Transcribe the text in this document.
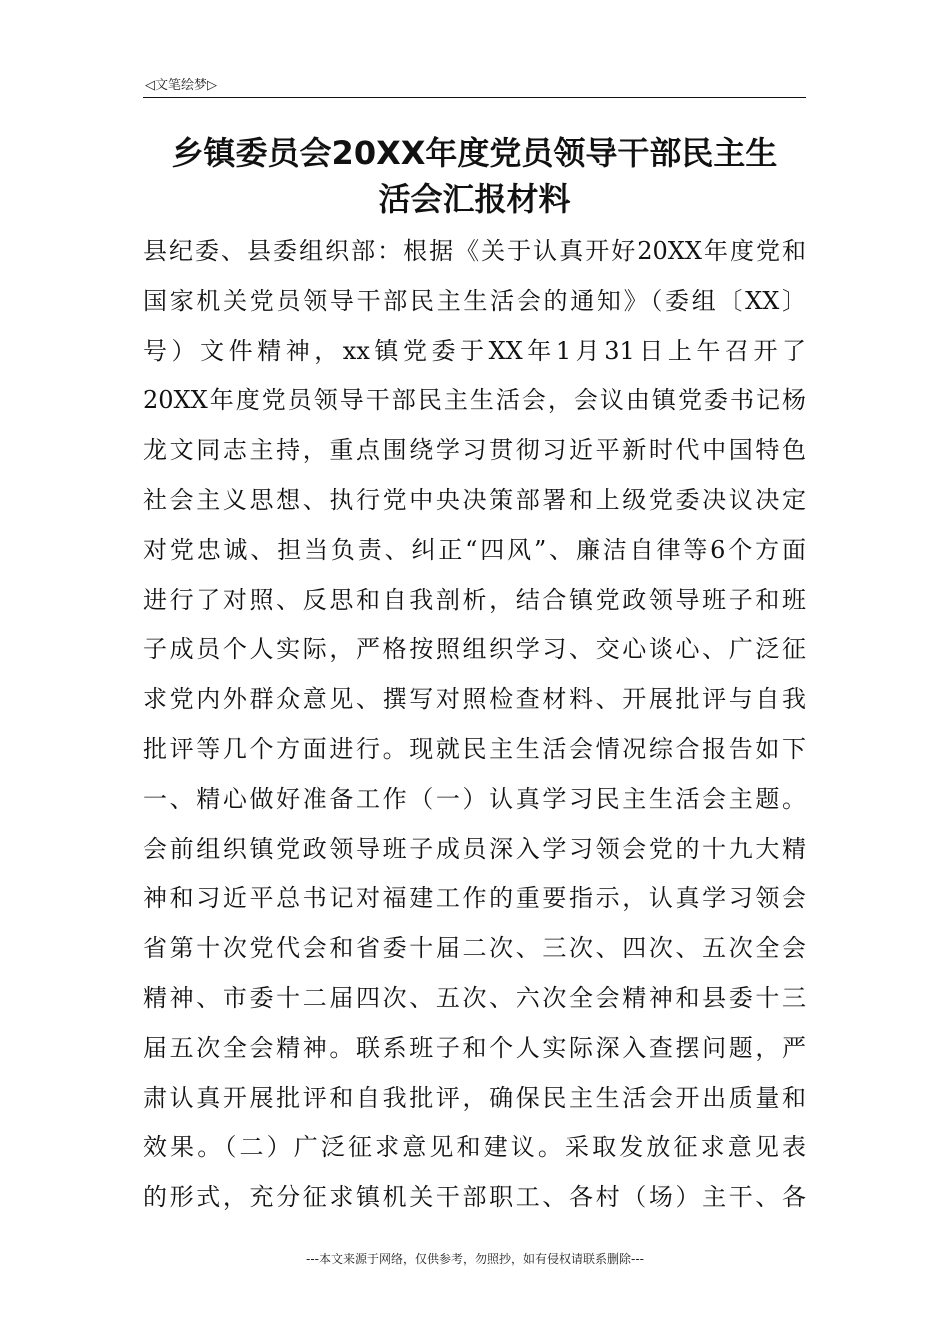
◁文笔绘梦▷
乡镇委员会20XX年度党员领导干部民主生
活会汇报材料
县纪委、县委组织部：根据《关于认真开好20XX年度党和
国家机关党员领导干部民主生活会的通知》（委组〔XX〕
号）文件精神，xx镇党委于XX年1月31日上午召开了
20XX年度党员领导干部民主生活会，会议由镇党委书记杨
龙文同志主持，重点围绕学习贯彻习近平新时代中国特色
社会主义思想、执行党中央决策部署和上级党委决议决定
对党忠诚、担当负责、纠正“四风”、廉洁自律等6个方面
进行了对照、反思和自我剖析，结合镇党政领导班子和班
子成员个人实际，严格按照组织学习、交心谈心、广泛征
求党内外群众意见、撰写对照检查材料、开展批评与自我
批评等几个方面进行。现就民主生活会情况综合报告如下
一、精心做好准备工作（一）认真学习民主生活会主题。
会前组织镇党政领导班子成员深入学习领会党的十九大精
神和习近平总书记对福建工作的重要指示，认真学习领会
省第十次党代会和省委十届二次、三次、四次、五次全会
精神、市委十二届四次、五次、六次全会精神和县委十三
届五次全会精神。联系班子和个人实际深入查摆问题，严
肃认真开展批评和自我批评，确保民主生活会开出质量和
效果。（二）广泛征求意见和建议。采取发放征求意见表
的形式，充分征求镇机关干部职工、各村（场）主干、各
---本文来源于网络，仅供参考，勿照抄，如有侵权请联系删除---
